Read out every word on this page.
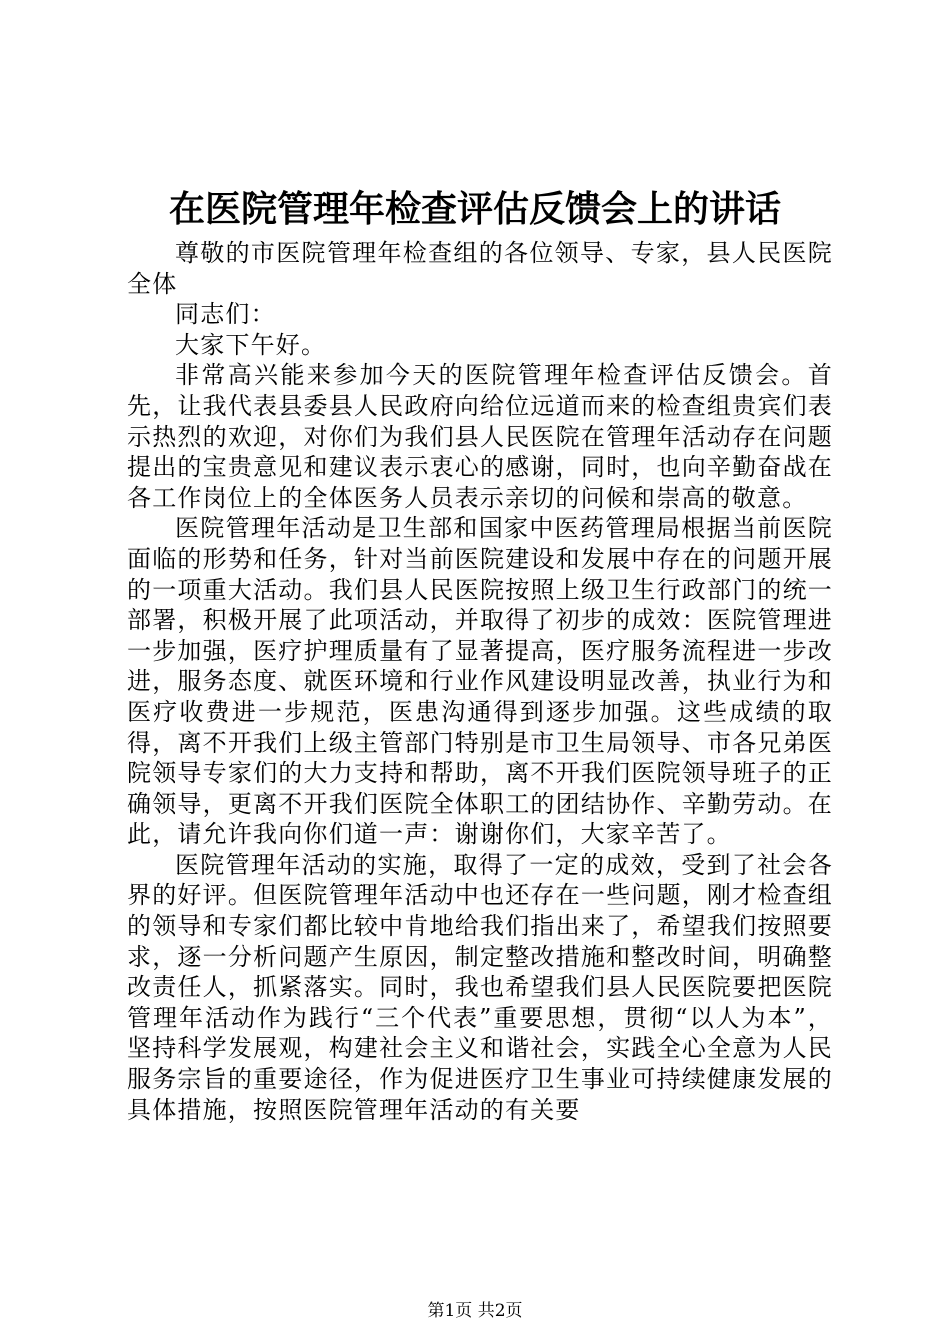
在医院管理年检查评估反馈会上的讲话

尊敬的市医院管理年检查组的各位领导、专家，县人民医院全体

同志们：

大家下午好。

非常高兴能来参加今天的医院管理年检查评估反馈会。首先，让我代表县委县人民政府向给位远道而来的检查组贵宾们表示热烈的欢迎，对你们为我们县人民医院在管理年活动存在问题提出的宝贵意见和建议表示衷心的感谢，同时，也向辛勤奋战在各工作岗位上的全体医务人员表示亲切的问候和崇高的敬意。

医院管理年活动是卫生部和国家中医药管理局根据当前医院面临的形势和任务，针对当前医院建设和发展中存在的问题开展的一项重大活动。我们县人民医院按照上级卫生行政部门的统一部署，积极开展了此项活动，并取得了初步的成效：医院管理进一步加强，医疗护理质量有了显著提高，医疗服务流程进一步改进，服务态度、就医环境和行业作风建设明显改善，执业行为和医疗收费进一步规范，医患沟通得到逐步加强。这些成绩的取得，离不开我们上级主管部门特别是市卫生局领导、市各兄弟医院领导专家们的大力支持和帮助，离不开我们医院领导班子的正确领导，更离不开我们医院全体职工的团结协作、辛勤劳动。在此，请允许我向你们道一声：谢谢你们，大家辛苦了。

医院管理年活动的实施，取得了一定的成效，受到了社会各界的好评。但医院管理年活动中也还存在一些问题，刚才检查组的领导和专家们都比较中肯地给我们指出来了，希望我们按照要求，逐一分析问题产生原因，制定整改措施和整改时间，明确整改责任人，抓紧落实。同时，我也希望我们县人民医院要把医院管理年活动作为践行“三个代表”重要思想，贯彻“以人为本”，坚持科学发展观，构建社会主义和谐社会，实践全心全意为人民服务宗旨的重要途径，作为促进医疗卫生事业可持续健康发展的具体措施，按照医院管理年活动的有关要

第1页 共2页
